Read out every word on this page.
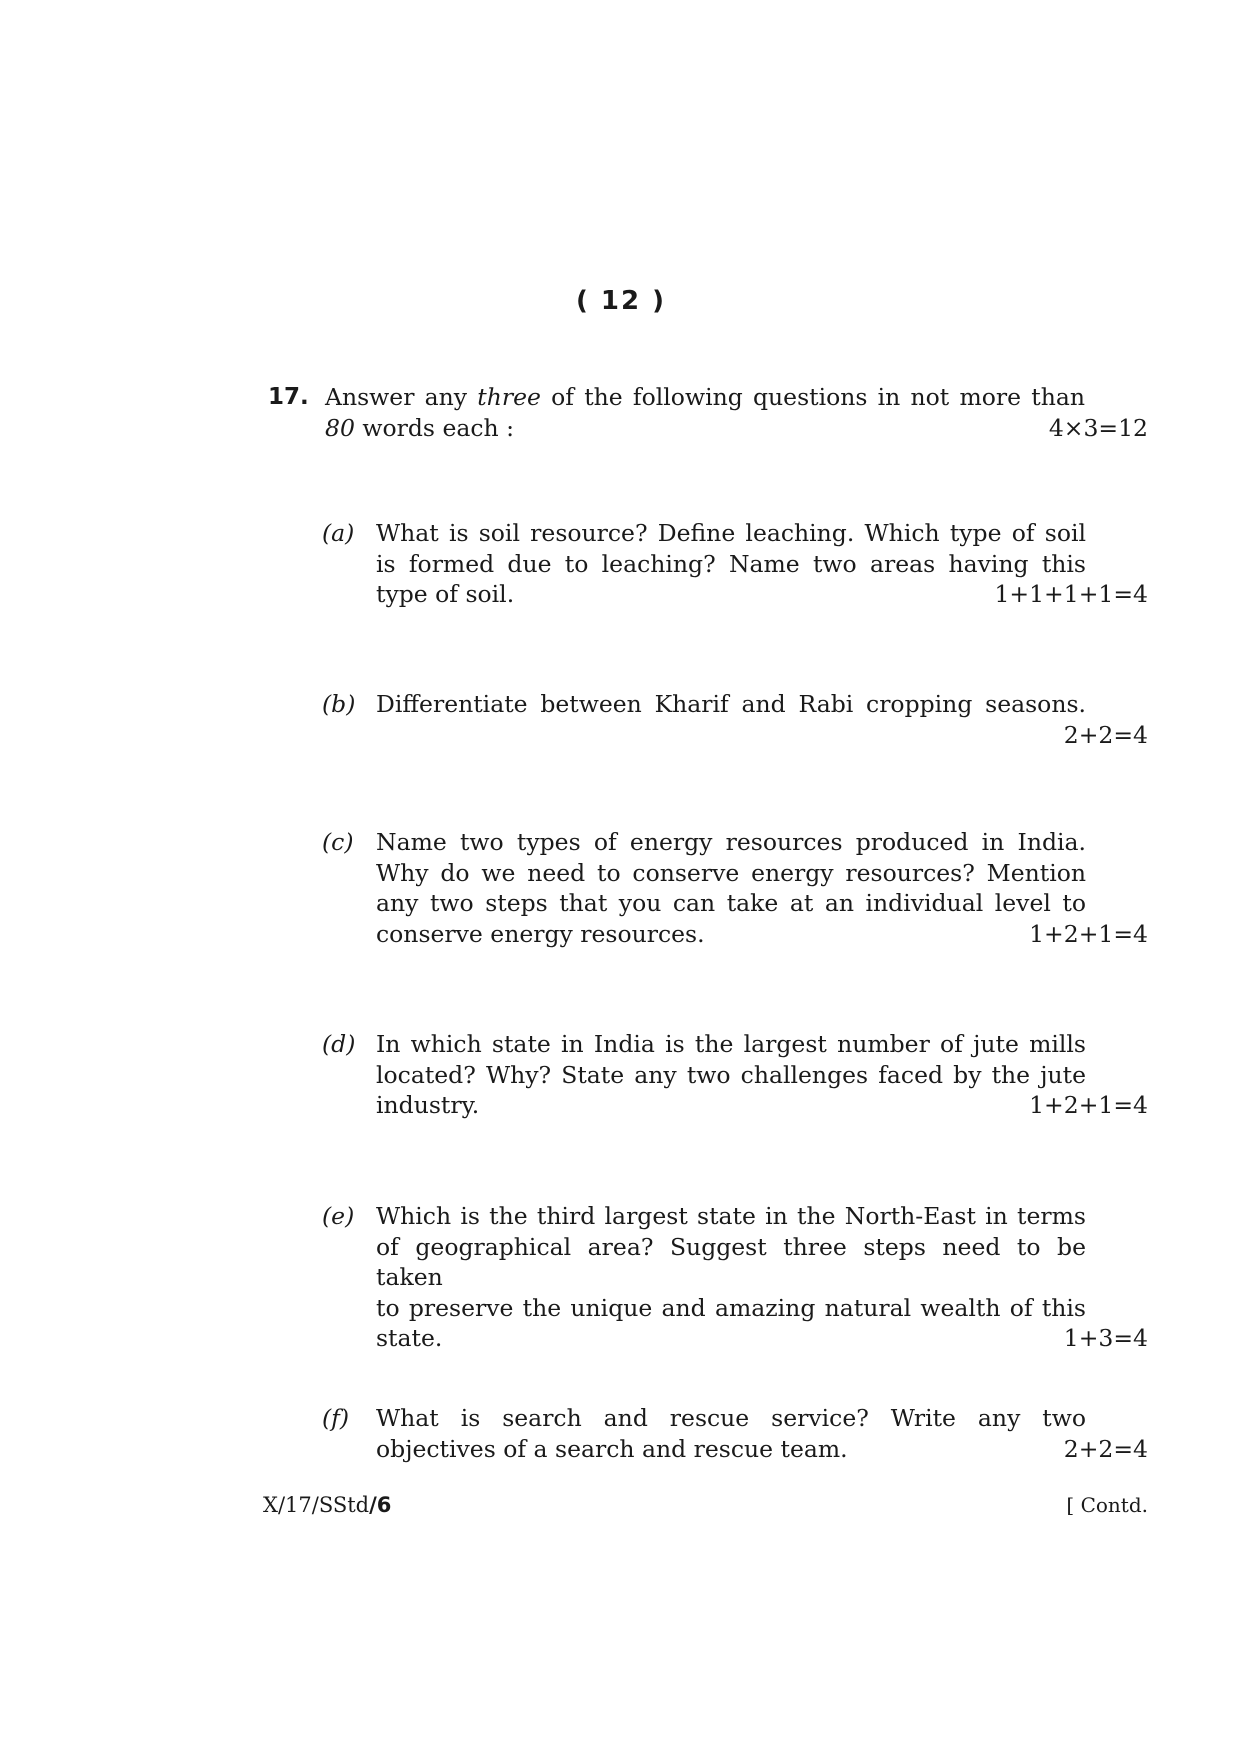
( 12 )
17. Answer any three of the following questions in not more than
80 words each :	4×3=12
(a) What is soil resource? Define leaching. Which type of soil
is formed due to leaching? Name two areas having this
type of soil.	1+1+1+1=4
(b) Differentiate between Kharif and Rabi cropping seasons.
2+2=4
(c) Name two types of energy resources produced in India.
Why do we need to conserve energy resources? Mention
any two steps that you can take at an individual level to
conserve energy resources.	1+2+1=4
(d) In which state in India is the largest number of jute mills
located? Why? State any two challenges faced by the jute
industry.	1+2+1=4
(e) Which is the third largest state in the North-East in terms
of geographical area? Suggest three steps need to be taken
to preserve the unique and amazing natural wealth of this
state.	1+3=4
(f) What is search and rescue service? Write any two
objectives of a search and rescue team.	2+2=4
X/17/SStd/6	[ Contd.
